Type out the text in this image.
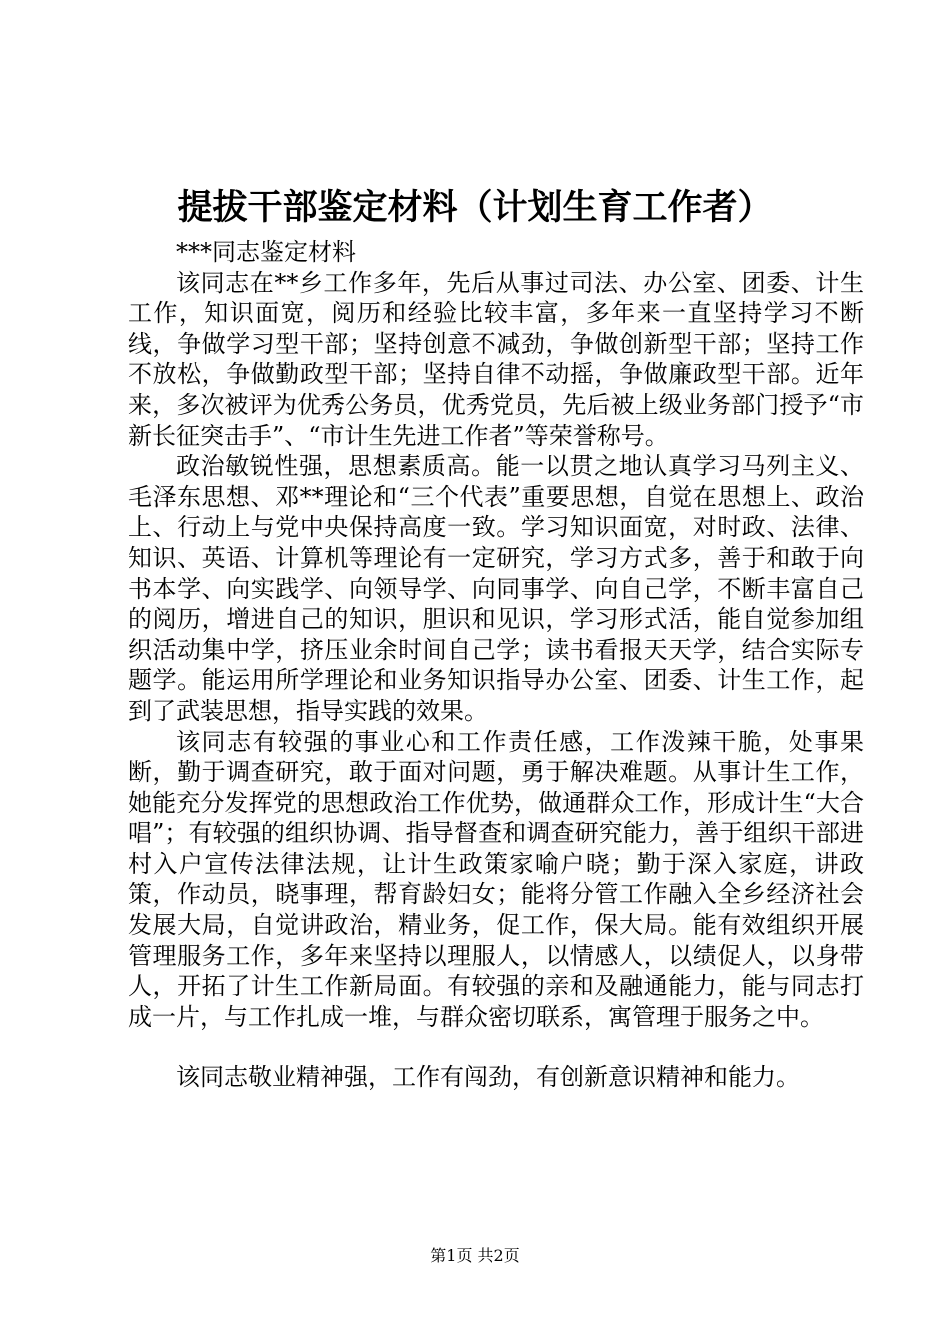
提拔干部鉴定材料（计划生育工作者）

***同志鉴定材料

该同志在**乡工作多年，先后从事过司法、办公室、团委、计生工作，知识面宽，阅历和经验比较丰富，多年来一直坚持学习不断线，争做学习型干部；坚持创意不减劲，争做创新型干部；坚持工作不放松，争做勤政型干部；坚持自律不动摇，争做廉政型干部。近年来，多次被评为优秀公务员，优秀党员，先后被上级业务部门授予“市新长征突击手”、“市计生先进工作者”等荣誉称号。

政治敏锐性强，思想素质高。能一以贯之地认真学习马列主义、毛泽东思想、邓**理论和“三个代表”重要思想，自觉在思想上、政治上、行动上与党中央保持高度一致。学习知识面宽，对时政、法律、知识、英语、计算机等理论有一定研究，学习方式多，善于和敢于向书本学、向实践学、向领导学、向同事学、向自己学，不断丰富自己的阅历，增进自己的知识，胆识和见识，学习形式活，能自觉参加组织活动集中学，挤压业余时间自己学；读书看报天天学，结合实际专题学。能运用所学理论和业务知识指导办公室、团委、计生工作，起到了武装思想，指导实践的效果。

该同志有较强的事业心和工作责任感，工作泼辣干脆，处事果断，勤于调查研究，敢于面对问题，勇于解决难题。从事计生工作，她能充分发挥党的思想政治工作优势，做通群众工作，形成计生“大合唱”；有较强的组织协调、指导督查和调查研究能力，善于组织干部进村入户宣传法律法规，让计生政策家喻户晓；勤于深入家庭，讲政策，作动员，晓事理，帮育龄妇女；能将分管工作融入全乡经济社会发展大局，自觉讲政治，精业务，促工作，保大局。能有效组织开展管理服务工作，多年来坚持以理服人，以情感人，以绩促人，以身带人，开拓了计生工作新局面。有较强的亲和及融通能力，能与同志打成一片，与工作扎成一堆，与群众密切联系，寓管理于服务之中。

该同志敬业精神强，工作有闯劲，有创新意识精神和能力。

第1页 共2页
